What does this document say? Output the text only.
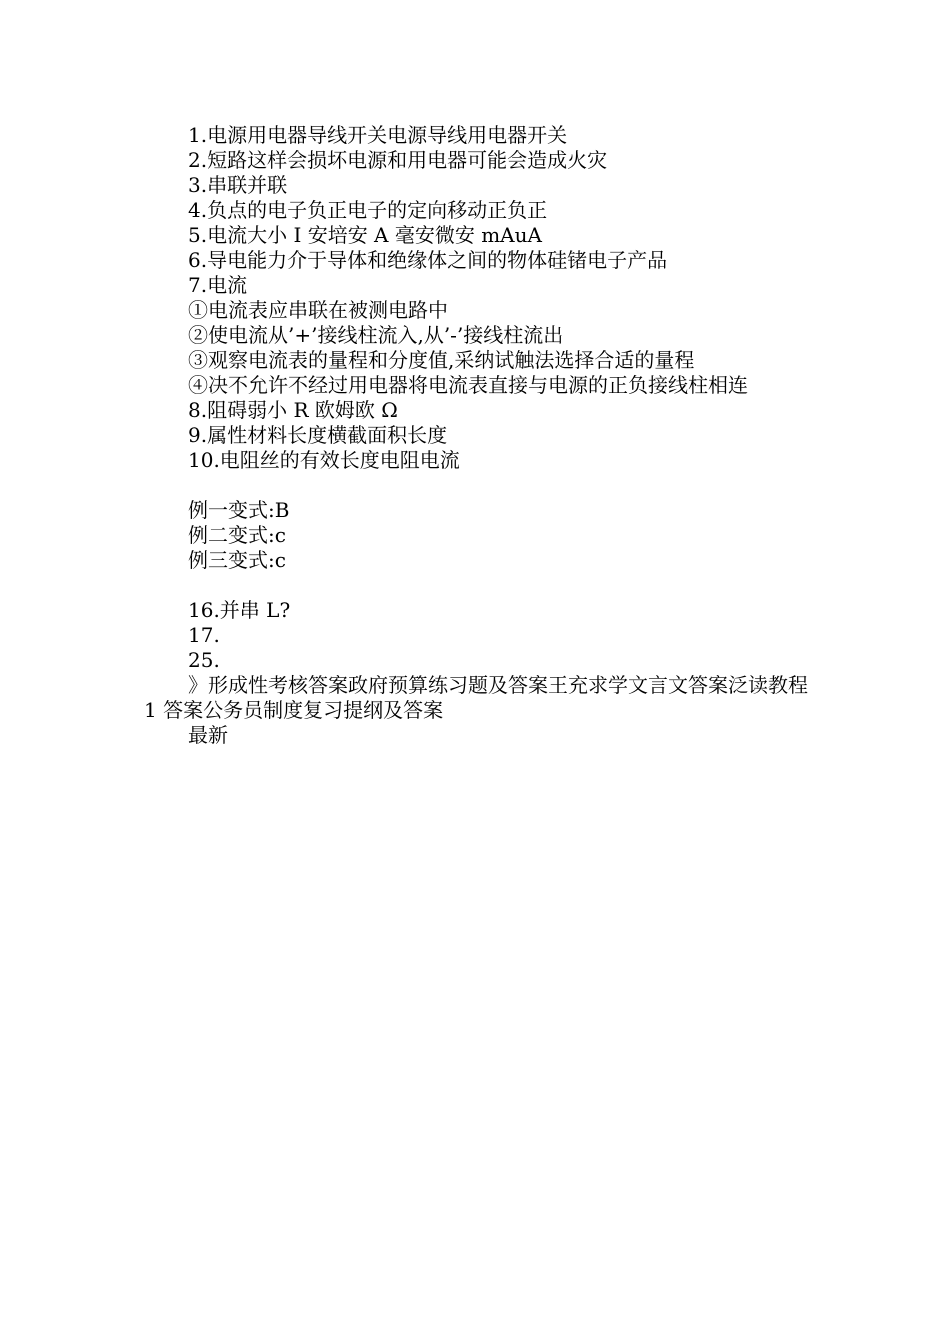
1.电源用电器导线开关电源导线用电器开关

2.短路这样会损坏电源和用电器可能会造成火灾

3.串联并联

4.负点的电子负正电子的定向移动正负正

5.电流大小 I 安培安 A 毫安微安 mAuA

6.导电能力介于导体和绝缘体之间的物体硅锗电子产品

7.电流

①电流表应串联在被测电路中

②使电流从’+’接线柱流入,从’-’接线柱流出

③观察电流表的量程和分度值,采纳试触法选择合适的量程

④决不允许不经过用电器将电流表直接与电源的正负接线柱相连

8.阻碍弱小 R 欧姆欧 Ω

9.属性材料长度横截面积长度

10.电阻丝的有效长度电阻电流

例一变式:B

例二变式:c

例三变式:c

16.并串 L?

17.

25.

》形成性考核答案政府预算练习题及答案王充求学文言文答案泛读教程 1 答案公务员制度复习提纲及答案

最新
